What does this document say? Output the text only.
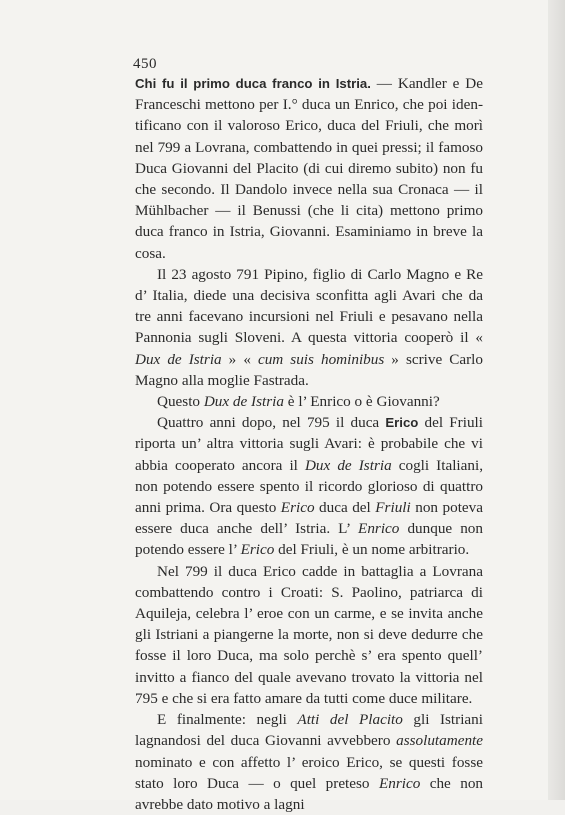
450

Chi fu il primo duca franco in Istria. — Kandler e De Franceschi mettono per I.° duca un Enrico, che poi identificano con il valoroso Erico, duca del Friuli, che morì nel 799 a Lovrana, combattendo in quei pressi; il famoso Duca Giovanni del Placito (di cui diremo subito) non fu che secondo. Il Dandolo invece nella sua Cronaca — il Mühlbacher — il Benussi (che li cita) mettono primo duca franco in Istria, Giovanni. Esaminiamo in breve la cosa.

Il 23 agosto 791 Pipino, figlio di Carlo Magno e Re d’ Italia, diede una decisiva sconfitta agli Avari che da tre anni facevano incursioni nel Friuli e pesavano nella Pannonia sugli Sloveni. A questa vittoria cooperò il « Dux de Istria » « cum suis hominibus » scrive Carlo Magno alla moglie Fastrada.

Questo Dux de Istria è l’ Enrico o è Giovanni?

Quattro anni dopo, nel 795 il duca Erico del Friuli riporta un’ altra vittoria sugli Avari: è probabile che vi abbia cooperato ancora il Dux de Istria cogli Italiani, non potendo essere spento il ricordo glorioso di quattro anni prima. Ora questo Erico duca del Friuli non poteva essere duca anche dell’ Istria. L’ Enrico dunque non potendo essere l’ Erico del Friuli, è un nome arbitrario.

Nel 799 il duca Erico cadde in battaglia a Lovrana combattendo contro i Croati: S. Paolino, patriarca di Aquileja, celebra l’ eroe con un carme, e se invita anche gli Istriani a piangerne la morte, non si deve dedurre che fosse il loro Duca, ma solo perchè s’ era spento quell’ invitto a fianco del quale avevano trovato la vittoria nel 795 e che si era fatto amare da tutti come duce militare.

E finalmente: negli Atti del Placito gli Istriani lagnandosi del duca Giovanni avvebbero assolutamente nominato e con affetto l’ eroico Erico, se questi fosse stato loro Duca — o quel preteso Enrico che non avrebbe dato motivo a lagni
